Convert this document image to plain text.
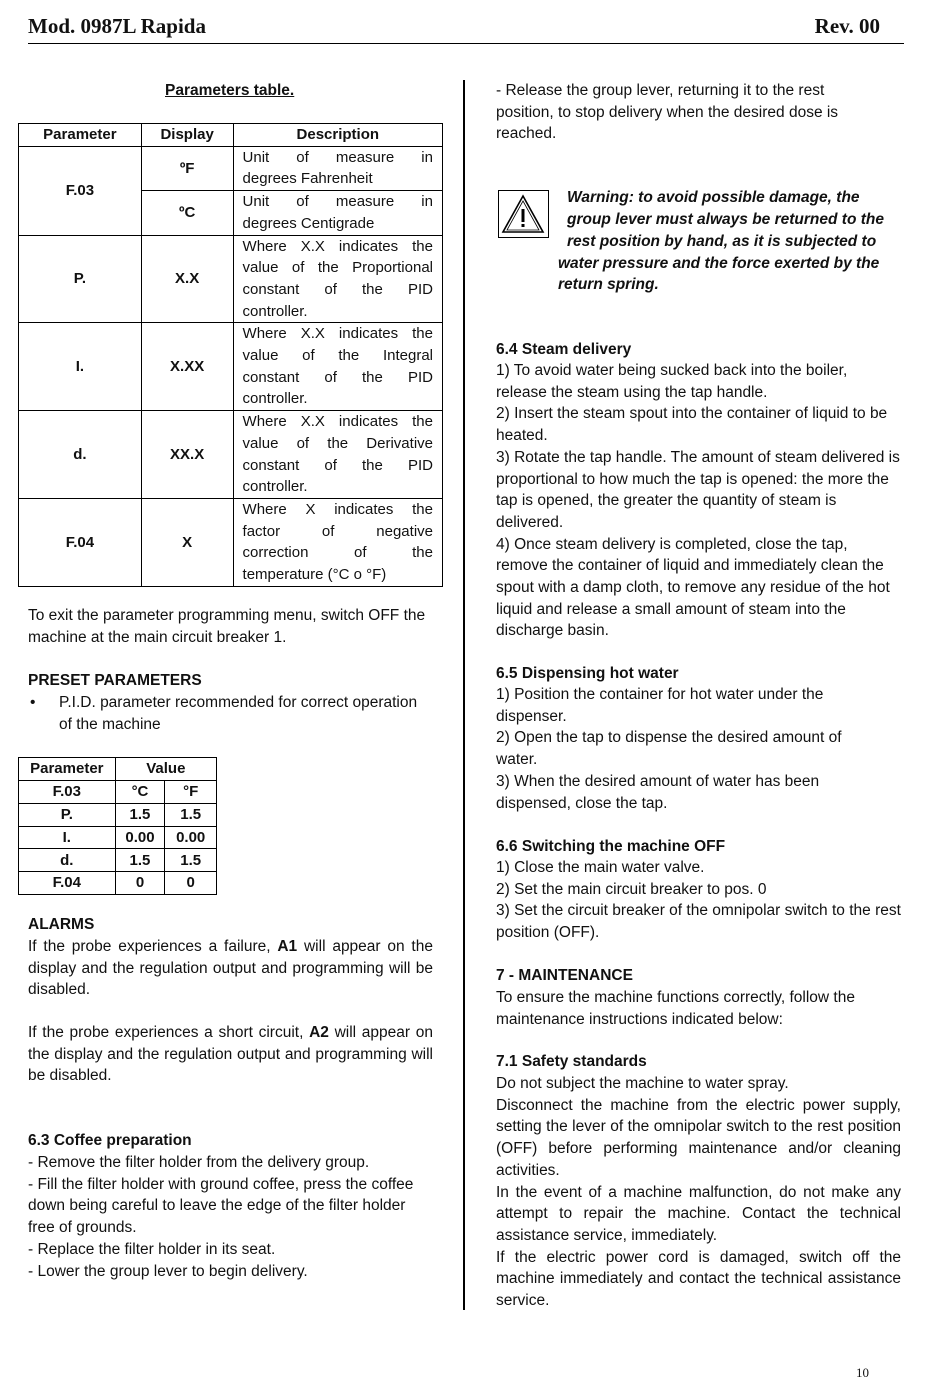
Mod. 0987L Rapida	Rev. 00
Parameters table.
Parameter	Display	Description
F.03	ºF	Unit of measure in
degrees Fahrenheit

	ºC	Unit of measure in
degrees Centigrade

P.	X.X	Where X.X indicates the
value of the Proportional
constant of the PID
controller.

I.	X.XX	Where X.X indicates the
value of the Integral
constant of the PID
controller.

d.	XX.X	Where X.X indicates the
value of the Derivative
constant of the PID
controller.

F.04	X	Where X indicates the
factor of negative
correction of the
temperature (°C o °F)

To exit the parameter programming menu, switch OFF the machine at the main circuit breaker 1.

PRESET PARAMETERS
•	P.I.D. parameter recommended for correct operation of the machine
Parameter	Value	
F.03	°C	°F
P.	1.5	1.5
I.	0.00	0.00
d.	1.5	1.5
F.04	0	0
ALARMS

If the probe experiences a failure, A1 will appear on the display and the regulation output and programming will be disabled.

If the probe experiences a short circuit, A2 will appear on the display and the regulation output and programming will be disabled.

6.3 Coffee preparation
- Remove the filter holder from the delivery group.
- Fill the filter holder with ground coffee, press the coffee down being careful to leave the edge of the filter holder free of grounds.
- Replace the filter holder in its seat.
- Lower the group lever to begin delivery.

- Release the group lever, returning it to the rest position, to stop delivery when the desired dose is reached.

Warning: to avoid possible damage, the
group lever must always be returned to the
rest position by hand, as it is subjected to
water pressure and the force exerted by the
return spring.
6.4 Steam delivery
1) To avoid water being sucked back into the boiler, release the steam using the tap handle.
2) Insert the steam spout into the container of liquid to be heated.
3) Rotate the tap handle. The amount of steam delivered is proportional to how much the tap is opened: the more the tap is opened, the greater the quantity of steam is delivered.
4) Once steam delivery is completed, close the tap, remove the container of liquid and immediately clean the spout with a damp cloth, to remove any residue of the hot liquid and release a small amount of steam into the discharge basin.
6.5 Dispensing hot water
1) Position the container for hot water under the dispenser.
2) Open the tap to dispense the desired amount of water.
3) When the desired amount of water has been dispensed, close the tap.
6.6 Switching the machine OFF
1) Close the main water valve.
2) Set the main circuit breaker to pos. 0
3) Set the circuit breaker of the omnipolar switch to the rest position (OFF).
7 - MAINTENANCE

To ensure the machine functions correctly, follow the maintenance instructions indicated below:

7.1 Safety standards

Do not subject the machine to water spray.

Disconnect the machine from the electric power supply, setting the lever of the omnipolar switch to the rest position (OFF) before performing maintenance and/or cleaning activities.

In the event of a machine malfunction, do not make any attempt to repair the machine. Contact the technical assistance service, immediately.

If the electric power cord is damaged, switch off the machine immediately and contact the technical assistance service.

10
